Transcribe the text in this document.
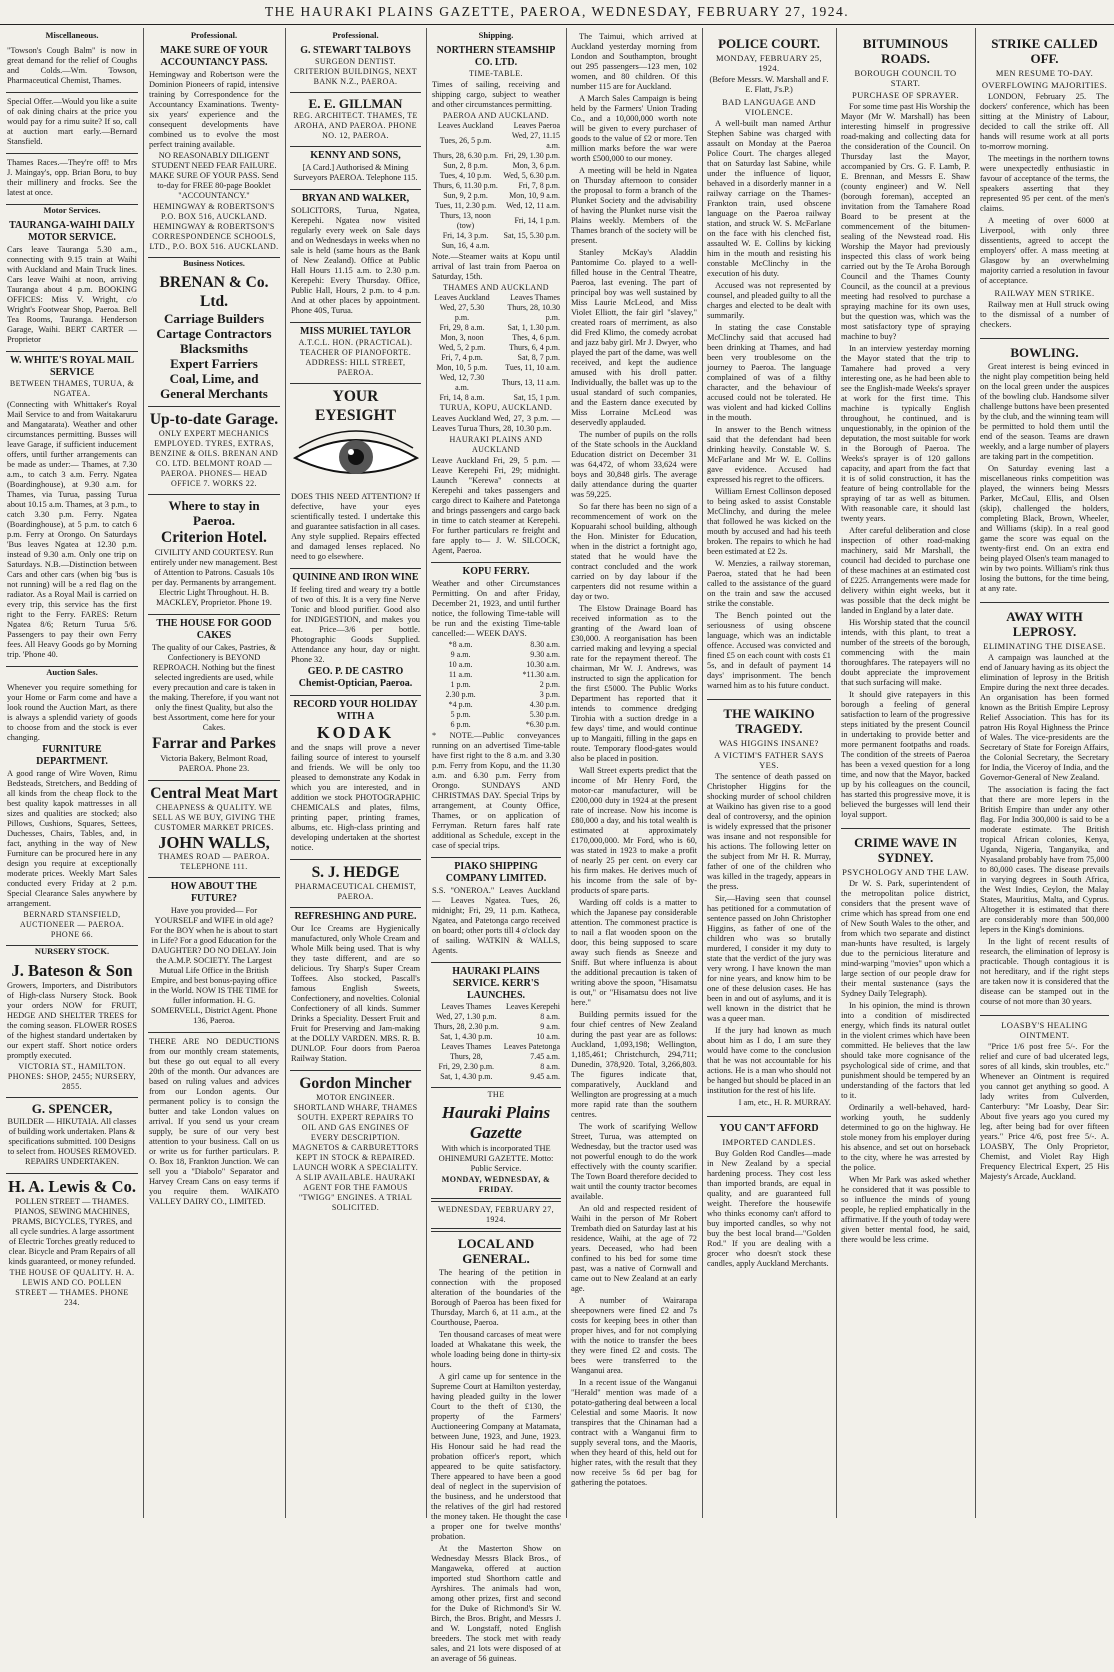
THE HAURAKI PLAINS GAZETTE, PAEROA, WEDNESDAY, FEBRUARY 27, 1924.
Miscellaneous.
"Towson's Cough Balm" is now in great demand for the relief of Coughs and Colds.—Wm. Towson, Pharmaceutical Chemist, Thames.
Special Offer.—Would you like a suite of oak dining chairs at the price you would pay for a rimu suite? If so, call at auction mart early.—Bernard Stansfield.
Thames Races.—They're off! to Mrs J. Maingay's, opp. Brian Boru, to buy their millinery and frocks. See the latest at once.
Motor Services.
TAURANGA-WAIHI DAILY MOTOR SERVICE.
Cars leave Tauranga 5.30 a.m., connecting with 9.15 train at Waihi with Auckland and Main Truck lines. Cars leave Waihi at noon, arriving Tauranga about 4 p.m. BOOKING OFFICES: Miss V. Wright, c/o Wright's Footwear Shop, Paeroa. Bell Tea Rooms, Tauranga. Henderson Garage, Waihi. BERT CARTER — Proprietor
W. WHITE'S ROYAL MAIL SERVICE
BETWEEN THAMES, TURUA, & NGATEA.
(Connecting with Whittaker's Royal Mail Service to and from Waitakaruru and Mangatarata). Weather and other circumstances permitting. Busses will leave Garage, if sufficient inducement offers, until further arrangements can be made as under:— Thames, at 7.30 a.m., to catch 3 a.m. Ferry. Ngatea (Boardinghouse), at 9.30 a.m. for Thames, via Turua, passing Turua about 10.15 a.m. Thames, at 3 p.m., to catch 3.30 p.m. Ferry. Ngatea (Boardinghouse), at 5 p.m. to catch 6 p.m. Ferry at Orongo. On Saturdays 'Bus leaves Ngatea at 12.30 p.m. instead of 9.30 a.m. Only one trip on Saturdays. N.B.—Distinction between Cars and other cars (when big 'bus is not running) will be a red flag on the radiator. As a Royal Mail is carried on every trip, this service has the first right to the Ferry. FARES: Return Ngatea 8/6; Return Turua 5/6. Passengers to pay their own Ferry fees. All Heavy Goods go by Morning trip. 'Phone 40.
Auction Sales.
Whenever you require something for your Home or Farm come and have a look round the Auction Mart, as there is always a splendid variety of goods to choose from and the stock is ever changing.
FURNITURE DEPARTMENT.
A good range of Wire Woven, Rimu Bedsteads, Stretchers, and Bedding of all kinds from the cheap flock to the best quality kapok mattresses in all sizes and qualities are stocked; also Pillows, Cushions, Squares, Settees, Duchesses, Chairs, Tables, and, in fact, anything in the way of New Furniture can be procured here in any design you require at exceptionally moderate prices. Weekly Mart Sales conducted every Friday at 2 p.m. Special Clearance Sales anywhere by arrangement.
BERNARD STANSFIELD, AUCTIONEER — PAEROA. PHONE 66.
NURSERY STOCK.
J. Bateson & Son
Growers, Importers, and Distributors of High-class Nursery Stock. Book your orders NOW for FRUIT, HEDGE AND SHELTER TREES for the coming season. FLOWER ROSES of the highest standard undertaken by our expert staff. Short notice orders promptly executed.
VICTORIA ST., HAMILTON. PHONES: SHOP, 2455; NURSERY, 2855.
G. SPENCER,
BUILDER — HIKUTAIA. All classes of building work undertaken. Plans & specifications submitted. 100 Designs to select from. HOUSES REMOVED. REPAIRS UNDERTAKEN.
H. A. Lewis & Co.
POLLEN STREET — THAMES. PIANOS, SEWING MACHINES, PRAMS, BICYCLES, TYRES, and all cycle sundries. A large assortment of Electric Torches greatly reduced to clear. Bicycle and Pram Repairs of all kinds guaranteed, or money refunded.
THE HOUSE OF QUALITY. H. A. LEWIS AND CO. POLLEN STREET — THAMES. PHONE 234.
Professional.
MAKE SURE OF YOUR ACCOUNTANCY PASS.
Hemingway and Robertson were the Dominion Pioneers of rapid, intensive training by Correspondence for the Accountancy Examinations. Twenty-six years' experience and the consequent developments have combined us to evolve the most perfect training available.
NO REASONABLY DILIGENT STUDENT NEED FEAR FAILURE. MAKE SURE OF YOUR PASS. Send to-day for FREE 80-page Booklet "ACCOUNTANCY."
HEMINGWAY & ROBERTSON'S P.O. BOX 516, AUCKLAND. HEMINGWAY & ROBERTSON'S CORRESPONDENCE SCHOOLS, LTD., P.O. BOX 516. AUCKLAND.
Business Notices.
BRENAN & Co. Ltd.
Carriage Builders
Cartage Contractors
Blacksmiths
Expert Farriers
Coal, Lime, and
General Merchants
Up-to-date Garage.
ONLY EXPERT MECHANICS EMPLOYED. TYRES, EXTRAS, BENZINE & OILS. BRENAN AND CO. LTD. BELMONT ROAD — PAEROA. PHONES— HEAD OFFICE 7. WORKS 22.
Where to stay in Paeroa.
Criterion Hotel.
CIVILITY AND COURTESY. Run entirely under new management. Best of Attention to Patrons. Casuals 10s per day. Permanents by arrangement. Electric Light Throughout. H. B. MACKLEY, Proprietor. Phone 19.
THE HOUSE FOR GOOD CAKES
The quality of our Cakes, Pastries, & Confectionery is BEYOND REPROACH. Nothing but the finest selected ingredients are used, while every precaution and care is taken in the making. Therefore, if you want not only the finest Quality, but also the best Assortment, come here for your Cakes.
Farrar and Parkes
Victoria Bakery, Belmont Road, PAEROA. Phone 23.
Central Meat Mart
CHEAPNESS & QUALITY. WE SELL AS WE BUY, GIVING THE CUSTOMER MARKET PRICES.
JOHN WALLS,
THAMES ROAD — PAEROA. TELEPHONE 111.
HOW ABOUT THE FUTURE?
Have you provided— For YOURSELF and WIFE in old age? For the BOY when he is about to start in Life? For a good Education for the DAUGHTER? DO NO DELAY. Join the A.M.P. SOCIETY. The Largest Mutual Life Office in the British Empire, and best bonus-paying office in the World. NOW IS THE TIME for fuller information. H. G. SOMERVELL, District Agent. Phone 136, Paeroa.
THERE ARE NO DEDUCTIONS from our monthly cream statements, but these go out equal to all every 20th of the month. Our advances are based on ruling values and advices from our London agents. Our permanent policy is to consign the butter and take London values on arrival. If you send us your cream supply, be sure of our very best attention to your business. Call on us or write us for further particulars. P. O. Box 18, Frankton Junction. We can sell you a "Diabolo" Separator and Harvey Cream Cans on easy terms if you require them. WAIKATO VALLEY DAIRY CO., LIMITED.
Professional.
G. STEWART TALBOYS
SURGEON DENTIST. CRITERION BUILDINGS, NEXT BANK N.Z., PAEROA.
E. E. GILLMAN
REG. ARCHITECT. THAMES, TE AROHA, AND PAEROA. PHONE NO. 12, PAEROA.
KENNY AND SONS,
[A Card.] Authorised & Mining Surveyors PAEROA. Telephone 115.
BRYAN AND WALKER,
SOLICITORS, Turua, Ngatea, Kerepehi. Ngatea now visited regularly every week on Sale days and on Wednesdays in weeks when no sale is held (same hours as the Bank of New Zealand). Office at Public Hall Hours 11.15 a.m. to 2.30 p.m. Kerepehi: Every Thursday. Office, Public Hall, Hours, 2 p.m. to 4 p.m. And at other places by appointment. Phone 40S, Turua.
MISS MURIEL TAYLOR
A.T.C.L. HON. (PRACTICAL). TEACHER OF PIANOFORTE. ADDRESS: HILL STREET, PAEROA.
YOUR EYESIGHT
DOES THIS NEED ATTENTION? If defective, have your eyes scientifically tested. I undertake this and guarantee satisfaction in all cases. Any style supplied. Repairs effected and damaged lenses replaced. No need to go elsewhere.
QUININE AND IRON WINE
If feeling tired and weary try a bottle of two of this. It is a very fine Nerve Tonic and blood purifier. Good also for INDIGESTION, and makes you eat. Price—3/6 per bottle. Photographic Goods Supplied. Attendance any hour, day or night. Phone 32.
GEO. P. DE CASTRO
Chemist-Optician, Paeroa.
RECORD YOUR HOLIDAY WITH A
KODAK
and the snaps will prove a never failing source of interest to yourself and friends. We will be only too pleased to demonstrate any Kodak in which you are interested, and in addition we stock PHOTOGRAPHIC CHEMICALS and plates, films, printing paper, printing frames, albums, etc. High-class printing and developing undertaken at the shortest notice.
S. J. HEDGE
PHARMACEUTICAL CHEMIST, PAEROA.
REFRESHING AND PURE.
Our Ice Creams are Hygienically manufactured, only Whole Cream and Whole Milk being used. That is why they taste different, and are so delicious. Try Sharp's Super Cream Toffees. Also stocked, Pascall's famous English Sweets, Confectionery, and novelties. Colonial Confectionery of all kinds. Summer Drinks a Speciality. Dessert Fruit and Fruit for Preserving and Jam-making at the DOLLY VARDEN. MRS. R. B. DUNLOP. Four doors from Paeroa Railway Station.
Gordon Mincher
MOTOR ENGINEER. SHORTLAND WHARF, THAMES SOUTH. EXPERT REPAIRS TO OIL AND GAS ENGINES OF EVERY DESCRIPTION. MAGNETOS & CARBURETTORS KEPT IN STOCK & REPAIRED. LAUNCH WORK A SPECIALITY. A SLIP AVAILABLE. HAURAKI AGENT FOR THE FAMOUS "TWIGG" ENGINES. A TRIAL SOLICITED.
Shipping.
NORTHERN STEAMSHIP CO. LTD.
TIME-TABLE.
Times of sailing, receiving and shipping cargo, subject to weather and other circumstances permitting.
PAEROA AND AUCKLAND.
Leaves Auckland	Leaves Paeroa
Tues, 26, 5 p.m.	Wed, 27, 11.15 a.m.
Thurs, 28, 6.30 p.m.	Fri, 29, 1.30 p.m.
Sun, 2, 8 p.m.	Mon, 3, 6 p.m.
Tues, 4, 10 p.m.	Wed, 5, 6.30 p.m.
Thurs, 6, 11.30 p.m.	Fri, 7, 8 p.m.
Sun, 9, 2 p.m.	Mon, 10, 9 a.m.
Tues, 11, 2.30 p.m.	Wed, 12, 11 a.m.
Thurs, 13, noon (tow)	Fri, 14, 1 p.m.
Fri, 14, 3 p.m.	Sat, 15, 5.30 p.m.
Sun, 16, 4 a.m.	
Note.—Steamer waits at Kopu until arrival of last train from Paeroa on Saturday, 15th.
THAMES AND AUCKLAND
Leaves Auckland	Leaves Thames
Wed, 27, 5.30 p.m.	Thurs, 28, 10.30 p.m.
Fri, 29, 8 a.m.	Sat, 1, 1.30 p.m.
Mon, 3, noon	Thes, 4, 6 p.m.
Wed, 5, 2 p.m.	Thurs, 6, 4 p.m.
Fri, 7, 4 p.m.	Sat, 8, 7 p.m.
Mon, 10, 5 p.m.	Tues, 11, 10 a.m.
Wed, 12, 7.30 a.m.	Thurs, 13, 11 a.m.
Fri, 14, 8 a.m.	Sat, 15, 1 p.m.
TURUA, KOPU, AUCKLAND.
Leaves Auckland Wed, 27, 3 p.m. — Leaves Turua Thurs, 28, 10.30 p.m.
HAURAKI PLAINS AND AUCKLAND
Leave Auckland Fri, 29, 5 p.m. — Leave Kerepehi Fri, 29; midnight. Launch "Kerewa" connects at Kerepehi and takes passengers and cargo direct to Kaihere and Patetonga and brings passengers and cargo back in time to catch steamer at Kerepehi. For further particulars re freight and fare apply to— J. W. SILCOCK, Agent, Paeroa.
KOPU FERRY.
Weather and other Circumstances Permitting. On and after Friday, December 21, 1923, and until further notice, the following Time-table will be run and the existing Time-table cancelled:— WEEK DAYS.
*8 a.m.	8.30 a.m.
9 a.m.	9.30 a.m.
10 a.m.	10.30 a.m.
11 a.m.	*11.30 a.m.
1 p.m.	2 p.m.
2.30 p.m.	3 p.m.
*4 p.m.	4.30 p.m.
5 p.m.	5.30 p.m.
6 p.m.	*6.30 p.m.
* NOTE.—Public conveyances running on an advertised Time-table have first right to the 8 a.m. and 3.30 p.m. Ferry from Kopu, and the 11.30 a.m. and 6.30 p.m. Ferry from Orongo. SUNDAYS AND CHRISTMAS DAY. Special Trips by arrangement, at County Office, Thames, or on application of Ferryman. Return fares half rate additional as Schedule, except in the case of special trips.
PIAKO SHIPPING COMPANY LIMITED.
S.S. "ONEROA." Leaves Auckland — Leaves Ngatea. Tues, 26, midnight; Fri, 29, 11 p.m. Katheca, Ngatea, and Patetonga cargo received on board; other ports till 4 o'clock day of sailing. WATKIN & WALLS, Agents.
HAURAKI PLAINS SERVICE. KERR'S LAUNCHES.
Leaves Thames	Leaves Kerepehi
Wed, 27, 1.30 p.m.	8 a.m.
Thurs, 28, 2.30 p.m.	9 a.m.
Sat, 1, 4.30 p.m.	10 a.m.
Leaves Thames	Leaves Patetonga
Thurs, 28,	7.45 a.m.
Fri, 29, 2.30 p.m.	8 a.m.
Sat, 1, 4.30 p.m.	9.45 a.m.
THE
Hauraki Plains Gazette
With which is incorporated THE OHINEMURI GAZETTE. Motto: Public Service.
MONDAY, WEDNESDAY, & FRIDAY.
WEDNESDAY, FEBRUARY 27, 1924.
LOCAL AND GENERAL.

The hearing of the petition in connection with the proposed alteration of the boundaries of the Borough of Paeroa has been fixed for Thursday, March 6, at 11 a.m., at the Courthouse, Paeroa.

Ten thousand carcases of meat were loaded at Whakatane this week, the whole loading being done in thirty-six hours.

A girl came up for sentence in the Supreme Court at Hamilton yesterday, having pleaded guilty in the lower Court to the theft of £130, the property of the Farmers' Auctioneering Company at Matamata, between June, 1923, and June, 1923. His Honour said he had read the probation officer's report, which appeared to be quite satisfactory. There appeared to have been a good deal of neglect in the supervision of the business, and he understood that the relatives of the girl had restored the money taken. He thought the case a proper one for twelve months' probation.

At the Masterton Show on Wednesday Messrs Black Bros., of Mangaweka, offered at auction imported stud Shorthorn cattle and Ayrshires. The animals had won, among other prizes, first and second for the Duke of Richmond's Sir W. Birch, the Bros. Bright, and Messrs J. and W. Longstaff, noted English breeders. The stock met with ready sales, and 21 lots were disposed of at an average of 56 guineas.

The Taimui, which arrived at Auckland yesterday morning from London and Southampton, brought out 295 passengers—123 men, 102 women, and 80 children. Of this number 115 are for Auckland.

A March Sales Campaign is being held by the Farmers' Union Trading Co., and a 10,000,000 worth note will be given to every purchaser of goods to the value of £2 or more. Ten million marks before the war were worth £500,000 to our money.

A meeting will be held in Ngatea on Thursday afternoon to consider the proposal to form a branch of the Plunket Society and the advisability of having the Plunket nurse visit the Plains weekly. Members of the Thames branch of the society will be present.

Stanley McKay's Aladdin Pantomime Co. played to a well-filled house in the Central Theatre, Paeroa, last evening. The part of principal boy was well sustained by Miss Laurie McLeod, and Miss Violet Elliott, the fair girl "slavey," created roars of merriment, as also did Fred Klimo, the comedy acrobat and jazz baby girl. Mr J. Dwyer, who played the part of the dame, was well received, and kept the audience amused with his droll patter. Individually, the ballet was up to the usual standard of such companies, and the Eastern dance executed by Miss Lorraine McLeod was deservedly applauded.

The number of pupils on the rolls of the State schools in the Auckland Education district on December 31 was 64,472, of whom 33,624 were boys and 30,848 girls. The average daily attendance during the quarter was 59,225.

So far there has been no sign of a recommencement of work on the Kopuarahi school building, although the Hon. Minister for Education, when in the district a fortnight ago, stated that he would have the contract concluded and the work carried on by day labour if the carpenters did not resume within a day or two.

The Elstow Drainage Board has received information as to the granting of the Award loan of £30,000. A reorganisation has been carried making and levying a special rate for the repayment thereof. The chairman, Mr W. J. Andrews, was instructed to sign the application for the first £5000. The Public Works Department has reported that it intends to commence dredging Tirohia with a suction dredge in a few days' time, and would continue up to Mangaiti, filling in the gaps en route. Temporary flood-gates would also be placed in position.

Wall Street experts predict that the income of Mr Henry Ford, the motor-car manufacturer, will be £200,000 duty in 1924 at the present rate of increase. Now his income is £80,000 a day, and his total wealth is estimated at approximately £170,000,000. Mr Ford, who is 60, was stated in 1923 to make a profit of nearly 25 per cent. on every car his firm makes. He derives much of his income from the sale of by-products of spare parts.

Warding off colds is a matter to which the Japanese pay considerable attention. The commonest practice is to nail a flat wooden spoon on the door, this being supposed to scare away such fiends as Sneeze and Sniff. But where influenza is about the additional precaution is taken of writing above the spoon, "Hisamatsu is out," or "Hisamatsu does not live here."

Building permits issued for the four chief centres of New Zealand during the past year are as follows: Auckland, 1,093,198; Wellington, 1,185,461; Christchurch, 294,711; Dunedin, 378,920. Total, 3,266,803. The figures indicate that, comparatively, Auckland and Wellington are progressing at a much more rapid rate than the southern centres.

The work of scarifying Wellow Street, Turua, was attempted on Wednesday, but the tractor used was not powerful enough to do the work effectively with the county scarifier. The Town Board therefore decided to wait until the county tractor becomes available.

An old and respected resident of Waihi in the person of Mr Robert Trembath died on Saturday last at his residence, Waihi, at the age of 72 years. Deceased, who had been confined to his bed for some time past, was a native of Cornwall and came out to New Zealand at an early age.

A number of Wairarapa sheepowners were fined £2 and 7s costs for keeping bees in other than proper hives, and for not complying with the notice to transfer the bees they were fined £2 and costs. The bees were transferred to the Wanganui area.

In a recent issue of the Wanganui "Herald" mention was made of a potato-gathering deal between a local Celestial and some Maoris. It now transpires that the Chinaman had a contract with a Wanganui firm to supply several tons, and the Maoris, when they heard of this, held out for higher rates, with the result that they now receive 5s 6d per bag for gathering the potatoes.

POLICE COURT.
MONDAY, FEBRUARY 25, 1924.
(Before Messrs. W. Marshall and F. E. Flatt, J's.P.)
BAD LANGUAGE AND VIOLENCE.

A well-built man named Arthur Stephen Sabine was charged with assault on Monday at the Paeroa Police Court. The charges alleged that on Saturday last Sabine, while under the influence of liquor, behaved in a disorderly manner in a railway carriage on the Thames-Frankton train, used obscene language on the Paeroa railway station, and struck W. S. McFarlane on the face with his clenched fist, assaulted W. E. Collins by kicking him in the mouth and resisting his constable McClinchy in the execution of his duty.

Accused was not represented by counsel, and pleaded guilty to all the charges and elected to be dealt with summarily.

In stating the case Constable McClinchy said that accused had been drinking at Thames, and had been very troublesome on the journey to Paeroa. The language complained of was of a filthy character, and the behaviour of accused could not be tolerated. He was violent and had kicked Collins in the mouth.

In answer to the Bench witness said that the defendant had been drinking heavily. Constable W. S. McFarlane and Mr W. E. Collins gave evidence. Accused had expressed his regret to the officers.

William Ernest Collinson deposed to being asked to assist Constable McClinchy, and during the melee that followed he was kicked on the mouth by accused and had his teeth broken. The repairs to which he had been estimated at £2 2s.

W. Menzies, a railway storeman, Paeroa, stated that he had been called to the assistance of the guard on the train and saw the accused strike the constable.

The Bench pointed out the seriousness of using obscene language, which was an indictable offence. Accused was convicted and fined £5 on each count with costs £1 5s, and in default of payment 14 days' imprisonment. The bench warned him as to his future conduct.

THE WAIKINO TRAGEDY.
WAS HIGGINS INSANE?
A VICTIM'S FATHER SAYS YES.

The sentence of death passed on Christopher Higgins for the shocking murder of school children at Waikino has given rise to a good deal of controversy, and the opinion is widely expressed that the prisoner was insane and not responsible for his actions. The following letter on the subject from Mr H. R. Murray, father of one of the children who was killed in the tragedy, appears in the press.

Sir,—Having seen that counsel has petitioned for a commutation of sentence passed on John Christopher Higgins, as father of one of the children who was so brutally murdered, I consider it my duty to state that the verdict of the jury was very wrong. I have known the man for nine years, and know him to be one of these delusion cases. He has been in and out of asylums, and it is well known in the district that he was a queer man.

If the jury had known as much about him as I do, I am sure they would have come to the conclusion that he was not accountable for his actions. He is a man who should not be hanged but should be placed in an institution for the rest of his life.

I am, etc., H. R. MURRAY.

YOU CAN'T AFFORD
IMPORTED CANDLES.

Buy Golden Rod Candles—made in New Zealand by a special hardening process. They cost less than imported brands, are equal in quality, and are guaranteed full weight. Therefore the housewife who thinks economy can't afford to buy imported candles, so why not buy the best local brand—"Golden Rod." If you are dealing with a grocer who doesn't stock these candles, apply Auckland Merchants.

BITUMINOUS ROADS.
BOROUGH COUNCIL TO START.
PURCHASE OF SPRAYER.

For some time past His Worship the Mayor (Mr W. Marshall) has been interesting himself in progressive road-making and collecting data for the consideration of the Council. On Thursday last the Mayor, accompanied by Crs. G. F. Lamb, P. E. Brennan, and Messrs E. Shaw (county engineer) and W. Nell (borough foreman), accepted an invitation from the Tamahere Road Board to be present at the commencement of the bitumen-sealing of the Newstead road. His Worship the Mayor had previously inspected this class of work being carried out by the Te Aroha Borough Council and the Thames County Council, as the council at a previous meeting had resolved to purchase a spraying machine for its own uses, but the question was, which was the most satisfactory type of spraying machine to buy?

In an interview yesterday morning the Mayor stated that the trip to Tamahere had proved a very interesting one, as he had been able to see the English-made Weeks's sprayer at work for the first time. This machine is typically English throughout, he continued, and is unquestionably, in the opinion of the deputation, the most suitable for work in the Borough of Paeroa. The Weeks's sprayer is of 120 gallons capacity, and apart from the fact that it is of solid construction, it has the feature of being controllable for the spraying of tar as well as bitumen. With reasonable care, it should last twenty years.

After careful deliberation and close inspection of other road-making machinery, said Mr Marshall, the council had decided to purchase one of these machines at an estimated cost of £225. Arrangements were made for delivery within eight weeks, but it was possible that the deck might be landed in England by a later date.

His Worship stated that the council intends, with this plant, to treat a number of the streets of the borough, commencing with the main thoroughfares. The ratepayers will no doubt appreciate the improvement that such surfacing will make.

It should give ratepayers in this borough a feeling of general satisfaction to learn of the progressive steps initiated by the present Council in undertaking to provide better and more permanent footpaths and roads. The condition of the streets of Paeroa has been a vexed question for a long time, and now that the Mayor, backed up by his colleagues on the council, has started this progressive move, it is believed the burgesses will lend their loyal support.

CRIME WAVE IN SYDNEY.
PSYCHOLOGY AND THE LAW.

Dr W. S. Park, superintendent of the metropolitan police district, considers that the present wave of crime which has spread from one end of New South Wales to the other, and from which two separate and distinct man-hunts have resulted, is largely due to the pernicious literature and mind-warping "movies" upon which a large section of our people draw for their mental sustenance (says the Sydney Daily Telegraph).

In his opinion, the mind is thrown into a condition of misdirected energy, which finds its natural outlet in the violent crimes which have been committed. He believes that the law should take more cognisance of the psychological side of crime, and that punishment should be tempered by an understanding of the factors that led to it.

Ordinarily a well-behaved, hard-working youth, he suddenly determined to go on the highway. He stole money from his employer during his absence, and set out on horseback to the city, where he was arrested by the police.

When Mr Park was asked whether he considered that it was possible to so influence the minds of young people, he replied emphatically in the affirmative. If the youth of today were given better mental food, he said, there would be less crime.

STRIKE CALLED OFF.
MEN RESUME TO-DAY.
OVERFLOWING MAJORITIES.

LONDON, February 25. The dockers' conference, which has been sitting at the Ministry of Labour, decided to call the strike off. All hands will resume work at all ports to-morrow morning.

The meetings in the northern towns were unexpectedly enthusiastic in favour of acceptance of the terms, the speakers asserting that they represented 95 per cent. of the men's claims.

A meeting of over 6000 at Liverpool, with only three dissentients, agreed to accept the employers' offer. A mass meeting at Glasgow by an overwhelming majority carried a resolution in favour of acceptance.

RAILWAY MEN STRIKE.

Railway men at Hull struck owing to the dismissal of a number of checkers.

BOWLING.

Great interest is being evinced in the night play competition being held on the local green under the auspices of the bowling club. Handsome silver challenge buttons have been presented by the club, and the winning team will be permitted to hold them until the end of the season. Teams are drawn weekly, and a large number of players are taking part in the competition.

On Saturday evening last a miscellaneous rinks competition was played, the winners being Messrs Parker, McCaul, Ellis, and Olsen (skip), challenged the holders, completing Black, Brown, Wheeler, and Williams (skip). In a real good game the score was equal on the twenty-first end. On an extra end being played Olsen's team managed to win by two points. William's rink thus losing the buttons, for the time being, at any rate.

AWAY WITH LEPROSY.
ELIMINATING THE DISEASE.

A campaign was launched at the end of January having as its object the elimination of leprosy in the British Empire during the next three decades. An organisation has been formed known as the British Empire Leprosy Relief Association. This has for its patron His Royal Highness the Prince of Wales. The vice-presidents are the Secretary of State for Foreign Affairs, the Colonial Secretary, the Secretary for India, the Viceroy of India, and the Governor-General of New Zealand.

The association is facing the fact that there are more lepers in the British Empire than under any other flag. For India 300,000 is said to be a moderate estimate. The British tropical African colonies, Kenya, Uganda, Nigeria, Tanganyika, and Nyasaland probably have from 75,000 to 80,000 cases. The disease prevails in varying degrees in South Africa, the West Indies, Ceylon, the Malay States, Mauritius, Malta, and Cyprus. Altogether it is estimated that there are considerably more than 500,000 lepers in the King's dominions.

In the light of recent results of research, the elimination of leprosy is practicable. Though contagious it is not hereditary, and if the right steps are taken now it is considered that the disease can be stamped out in the course of not more than 30 years.

LOASBY'S HEALING OINTMENT.

"Price 1/6 post free 5/-. For the relief and cure of bad ulcerated legs, sores of all kinds, skin troubles, etc." Whenever an Ointment is required you cannot get anything so good. A lady writes from Culverden, Canterbury: "Mr Loasby, Dear Sir: About five years ago you cured my leg, after being bad for over fifteen years." Price 4/6, post free 5/-. A. LOASBY, The Only Proprietor, Chemist, and Violet Ray High Frequency Electrical Expert, 25 His Majesty's Arcade, Auckland.
